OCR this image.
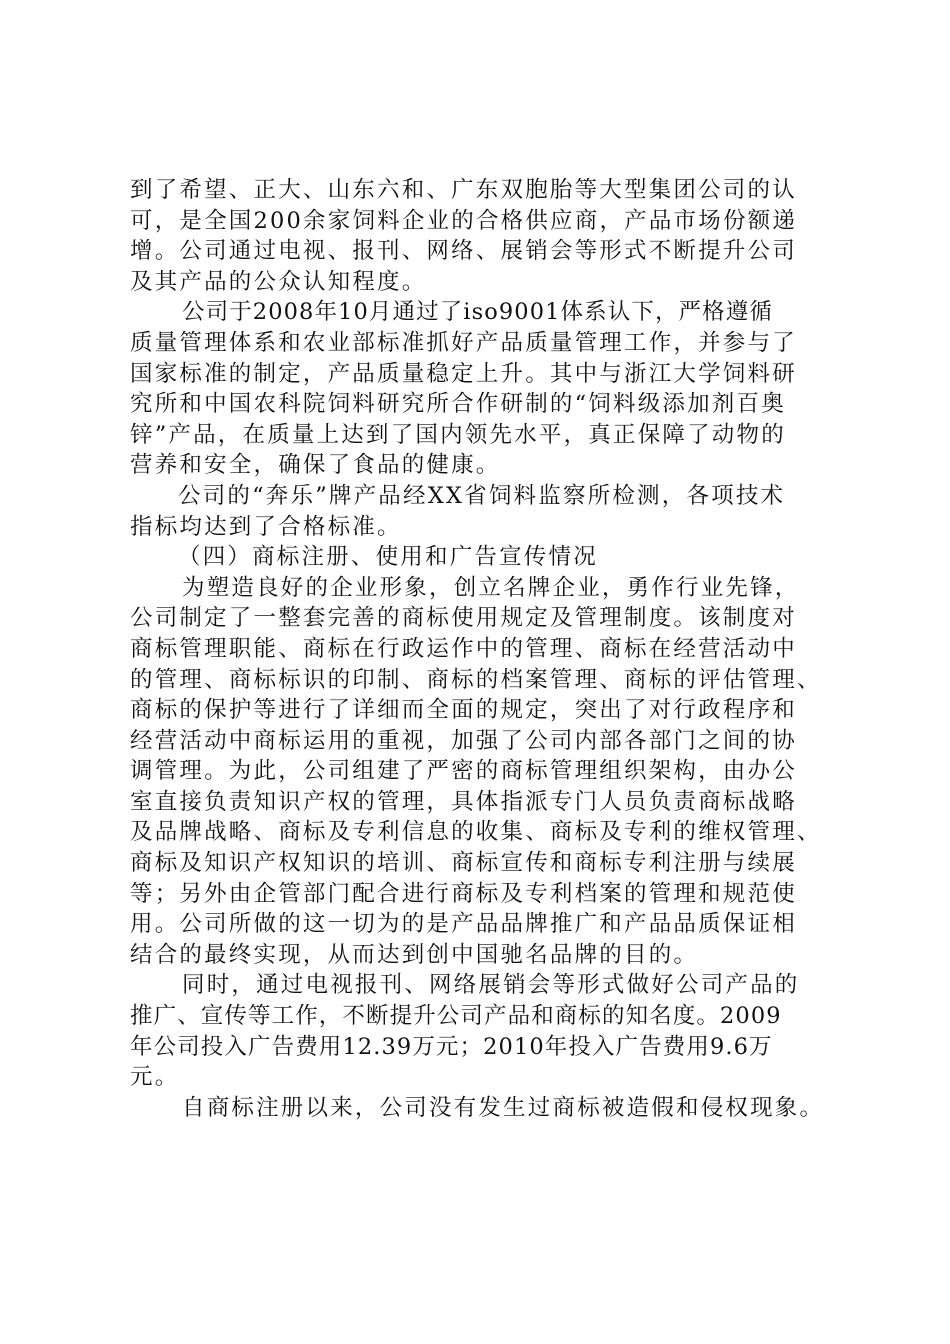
到了希望、正大、山东六和、广东双胞胎等大型集团公司的认
可，是全国200余家饲料企业的合格供应商，产品市场份额递
增。公司通过电视、报刊、网络、展销会等形式不断提升公司
及其产品的公众认知程度。
公司于2008年10月通过了iso9001体系认下，严格遵循
质量管理体系和农业部标准抓好产品质量管理工作，并参与了
国家标准的制定，产品质量稳定上升。其中与浙江大学饲料研
究所和中国农科院饲料研究所合作研制的“饲料级添加剂百奥
锌”产品，在质量上达到了国内领先水平，真正保障了动物的
营养和安全，确保了食品的健康。
公司的“奔乐”牌产品经XX省饲料监察所检测，各项技术
指标均达到了合格标准。
（四）商标注册、使用和广告宣传情况
为塑造良好的企业形象，创立名牌企业，勇作行业先锋，
公司制定了一整套完善的商标使用规定及管理制度。该制度对
商标管理职能、商标在行政运作中的管理、商标在经营活动中
的管理、商标标识的印制、商标的档案管理、商标的评估管理、
商标的保护等进行了详细而全面的规定，突出了对行政程序和
经营活动中商标运用的重视，加强了公司内部各部门之间的协
调管理。为此，公司组建了严密的商标管理组织架构，由办公
室直接负责知识产权的管理，具体指派专门人员负责商标战略
及品牌战略、商标及专利信息的收集、商标及专利的维权管理、
商标及知识产权知识的培训、商标宣传和商标专利注册与续展
等；另外由企管部门配合进行商标及专利档案的管理和规范使
用。公司所做的这一切为的是产品品牌推广和产品品质保证相
结合的最终实现，从而达到创中国驰名品牌的目的。
同时，通过电视报刊、网络展销会等形式做好公司产品的
推广、宣传等工作，不断提升公司产品和商标的知名度。2009
年公司投入广告费用12.39万元；2010年投入广告费用9.6万
元。
自商标注册以来，公司没有发生过商标被造假和侵权现象。
